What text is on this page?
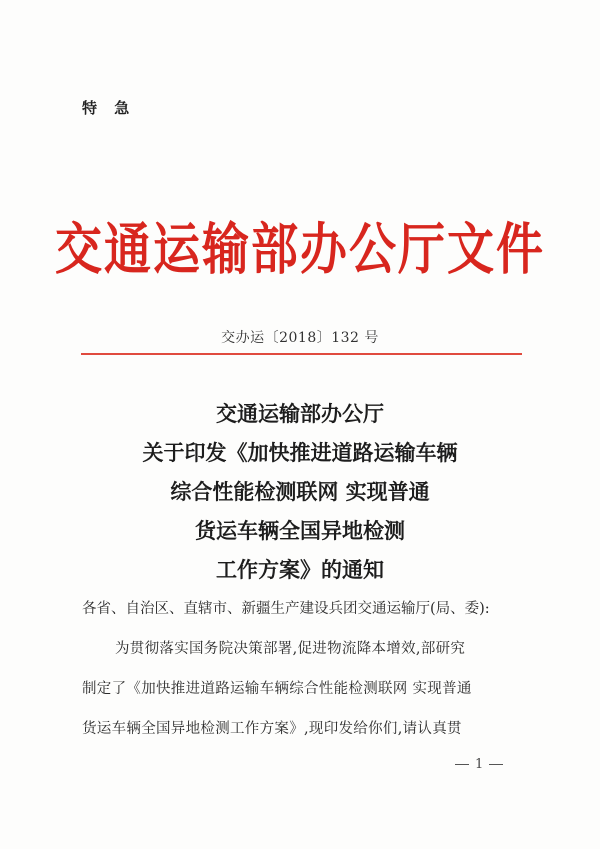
特 急
交通运输部办公厅文件
交办运〔2018〕132 号
交通运输部办公厅
关于印发《加快推进道路运输车辆
综合性能检测联网 实现普通
货运车辆全国异地检测
工作方案》的通知
各省、自治区、直辖市、新疆生产建设兵团交通运输厅(局、委):
为贯彻落实国务院决策部署,促进物流降本增效,部研究
制定了《加快推进道路运输车辆综合性能检测联网 实现普通
货运车辆全国异地检测工作方案》,现印发给你们,请认真贯
1
